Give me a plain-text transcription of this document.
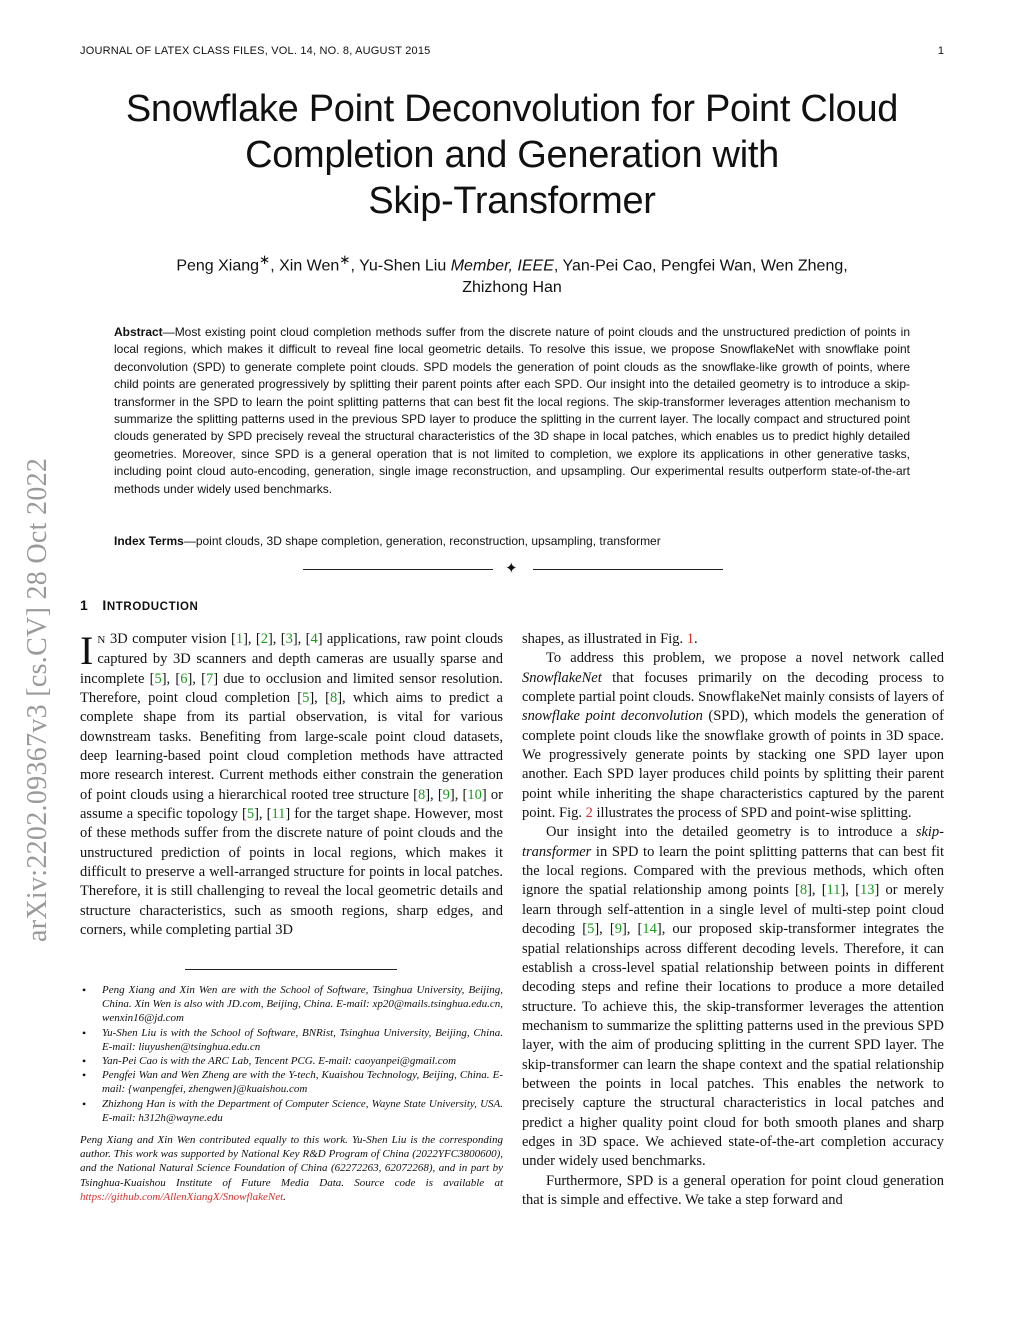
JOURNAL OF LATEX CLASS FILES, VOL. 14, NO. 8, AUGUST 2015	1
Snowflake Point Deconvolution for Point Cloud
Completion and Generation with
Skip-Transformer
Peng Xiang∗, Xin Wen∗, Yu-Shen Liu Member, IEEE, Yan-Pei Cao, Pengfei Wan, Wen Zheng,
Zhizhong Han
Abstract—Most existing point cloud completion methods suffer from the discrete nature of point clouds and the unstructured prediction of points in local regions, which makes it difficult to reveal fine local geometric details. To resolve this issue, we propose SnowflakeNet with snowflake point deconvolution (SPD) to generate complete point clouds. SPD models the generation of point clouds as the snowflake-like growth of points, where child points are generated progressively by splitting their parent points after each SPD. Our insight into the detailed geometry is to introduce a skip-transformer in the SPD to learn the point splitting patterns that can best fit the local regions. The skip-transformer leverages attention mechanism to summarize the splitting patterns used in the previous SPD layer to produce the splitting in the current layer. The locally compact and structured point clouds generated by SPD precisely reveal the structural characteristics of the 3D shape in local patches, which enables us to predict highly detailed geometries. Moreover, since SPD is a general operation that is not limited to completion, we explore its applications in other generative tasks, including point cloud auto-encoding, generation, single image reconstruction, and upsampling. Our experimental results outperform state-of-the-art methods under widely used benchmarks.
Index Terms—point clouds, 3D shape completion, generation, reconstruction, upsampling, transformer
✦
1 INTRODUCTION
arXiv:2202.09367v3 [cs.CV] 28 Oct 2022 I N 3D computer vision [1], [2], [3], [4] applications, raw point clouds captured by 3D scanners and depth cameras are usually sparse and incomplete [5], [6], [7] due to occlusion and limited sensor resolution. Therefore, point cloud completion [5], [8], which aims to predict a complete shape from its partial observation, is vital for various downstream tasks. Benefiting from large-scale point cloud datasets, deep learning-based point cloud completion methods have attracted more research interest. Current methods either constrain the generation of point clouds using a hierarchical rooted tree structure [8], [9], [10] or assume a specific topology [5], [11] for the target shape. However, most of these methods suffer from the discrete nature of point clouds and the unstructured prediction of points in local regions, which makes it difficult to preserve a well-arranged structure for points in local patches. Therefore, it is still challenging to reveal the local geometric details and structure characteristics, such as smooth regions, sharp edges, and corners, while completing partial 3D

• Peng Xiang and Xin Wen are with the School of Software, Tsinghua University, Beijing, China. Xin Wen is also with JD.com, Beijing, China. E-mail: xp20@mails.tsinghua.edu.cn, wenxin16@jd.com
• Yu-Shen Liu is with the School of Software, BNRist, Tsinghua University, Beijing, China. E-mail: liuyushen@tsinghua.edu.cn
• Yan-Pei Cao is with the ARC Lab, Tencent PCG. E-mail: caoyanpei@gmail.com
• Pengfei Wan and Wen Zheng are with the Y-tech, Kuaishou Technology, Beijing, China. E-mail: {wanpengfei, zhengwen}@kuaishou.com
• Zhizhong Han is with the Department of Computer Science, Wayne State University, USA. E-mail: h312h@wayne.edu
Peng Xiang and Xin Wen contributed equally to this work. Yu-Shen Liu is the corresponding author. This work was supported by National Key R&D Program of China (2022YFC3800600), and the National Natural Science Foundation of China (62272263, 62072268), and in part by Tsinghua-Kuaishou Institute of Future Media Data. Source code is available at https://github.com/AllenXiangX/SnowflakeNet.

shapes, as illustrated in Fig. 1.

To address this problem, we propose a novel network called SnowflakeNet that focuses primarily on the decoding process to complete partial point clouds. SnowflakeNet mainly consists of layers of snowflake point deconvolution (SPD), which models the generation of complete point clouds like the snowflake growth of points in 3D space. We progressively generate points by stacking one SPD layer upon another. Each SPD layer produces child points by splitting their parent point while inheriting the shape characteristics captured by the parent point. Fig. 2 illustrates the process of SPD and point-wise splitting.

Our insight into the detailed geometry is to introduce a skip-transformer in SPD to learn the point splitting patterns that can best fit the local regions. Compared with the previous methods, which often ignore the spatial relationship among points [8], [11], [13] or merely learn through self-attention in a single level of multi-step point cloud decoding [5], [9], [14], our proposed skip-transformer integrates the spatial relationships across different decoding levels. Therefore, it can establish a cross-level spatial relationship between points in different decoding steps and refine their locations to produce a more detailed structure. To achieve this, the skip-transformer leverages the attention mechanism to summarize the splitting patterns used in the previous SPD layer, with the aim of producing splitting in the current SPD layer. The skip-transformer can learn the shape context and the spatial relationship between the points in local patches. This enables the network to precisely capture the structural characteristics in local patches and predict a higher quality point cloud for both smooth planes and sharp edges in 3D space. We achieved state-of-the-art completion accuracy under widely used benchmarks.

Furthermore, SPD is a general operation for point cloud generation that is simple and effective. We take a step forward and
